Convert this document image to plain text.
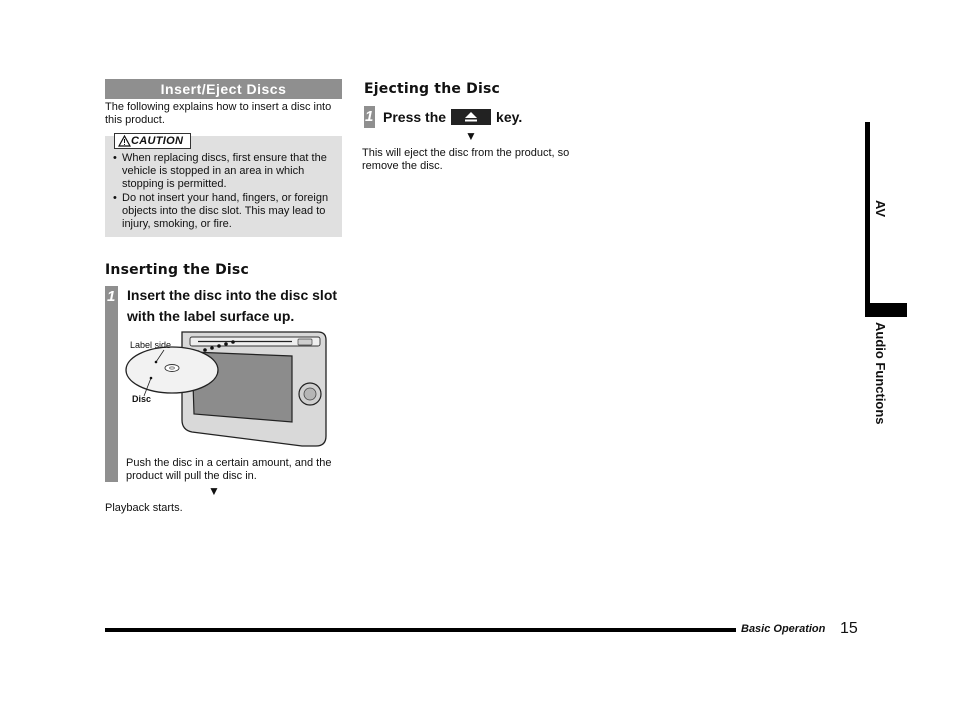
Insert/Eject Discs
The following explains how to insert a disc into this product.
CAUTION
• When replacing discs, first ensure that the vehicle is stopped in an area in which stopping is permitted.
• Do not insert your hand, fingers, or foreign objects into the disc slot. This may lead to injury, smoking, or fire.
Inserting the Disc
1 Insert the disc into the disc slot with the label surface up.
Label side
Disc
Push the disc in a certain amount, and the product will pull the disc in.
▼
Playback starts.
Ejecting the Disc
1 Press the	key.
▼
This will eject the disc from the product, so remove the disc.
AV
Audio Functions
Basic Operation 15
